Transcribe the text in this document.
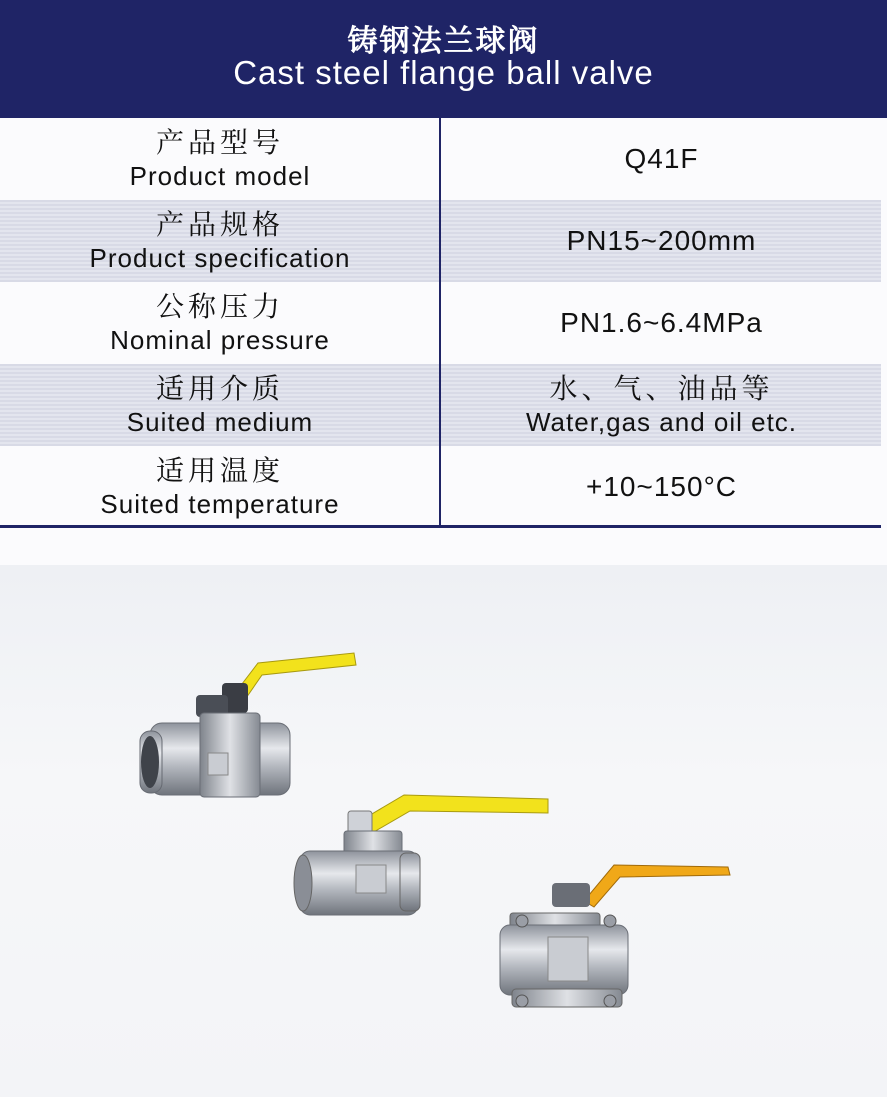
铸钢法兰球阀
Cast steel flange ball valve
产品型号
Product model
Q41F
产品规格
Product specification
PN15~200mm
公称压力
Nominal pressure
PN1.6~6.4MPa
适用介质
Suited medium
水、气、油品等
Water,gas and oil etc.
适用温度
Suited temperature
+10~150°C
